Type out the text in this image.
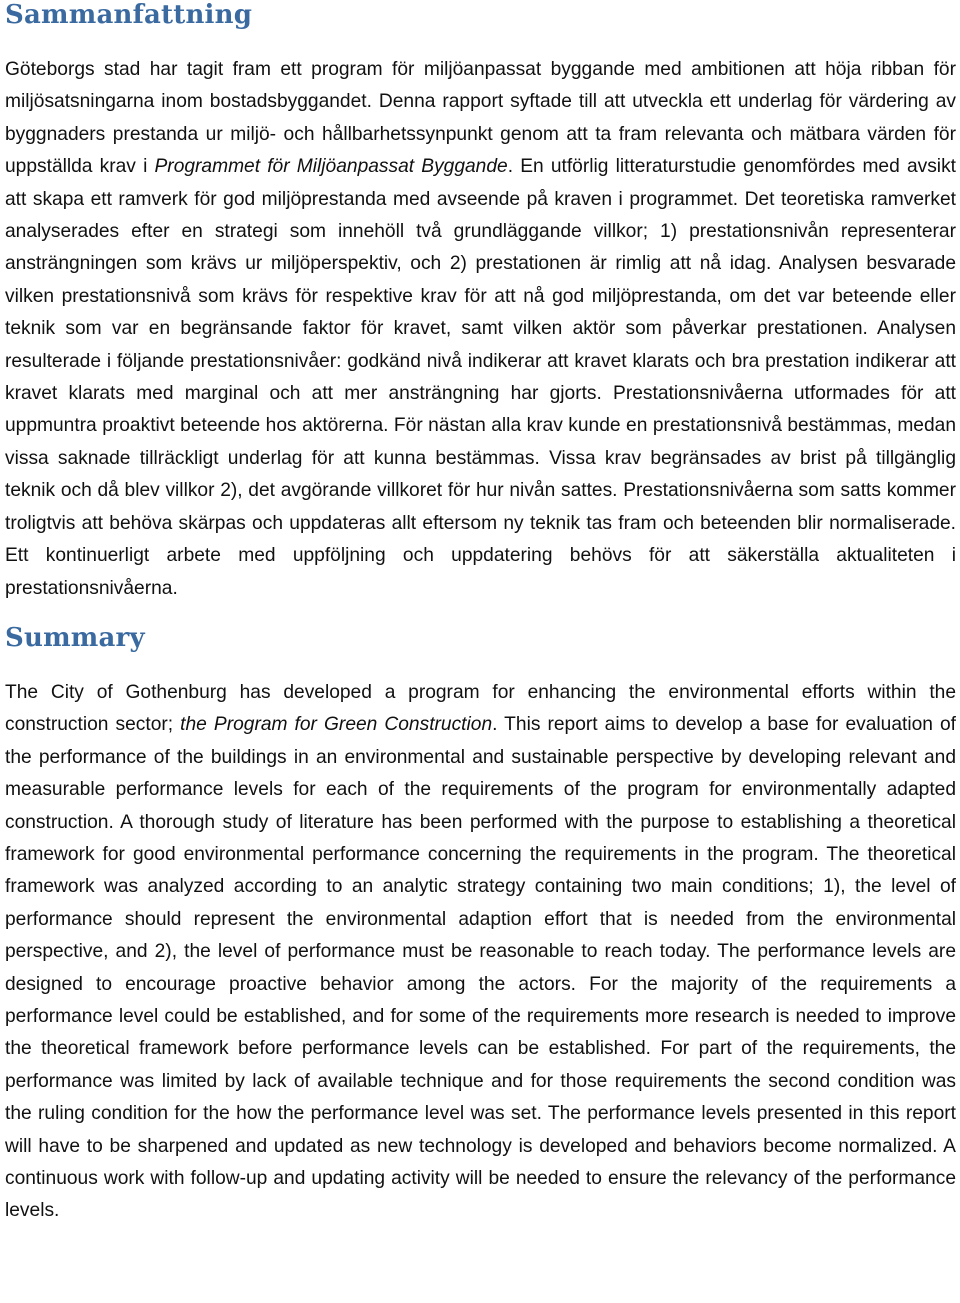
Sammanfattning

Göteborgs stad har tagit fram ett program för miljöanpassat byggande med ambitionen att höja ribban för miljösatsningarna inom bostadsbyggandet. Denna rapport syftade till att utveckla ett underlag för värdering av byggnaders prestanda ur miljö- och hållbarhetssynpunkt genom att ta fram relevanta och mätbara värden för uppställda krav i Programmet för Miljöanpassat Byggande. En utförlig litteraturstudie genomfördes med avsikt att skapa ett ramverk för god miljöprestanda med avseende på kraven i programmet. Det teoretiska ramverket analyserades efter en strategi som innehöll två grundläggande villkor; 1) prestationsnivån representerar ansträngningen som krävs ur miljöperspektiv, och 2) prestationen är rimlig att nå idag. Analysen besvarade vilken prestationsnivå som krävs för respektive krav för att nå god miljöprestanda, om det var beteende eller teknik som var en begränsande faktor för kravet, samt vilken aktör som påverkar prestationen. Analysen resulterade i följande prestationsnivåer: godkänd nivå indikerar att kravet klarats och bra prestation indikerar att kravet klarats med marginal och att mer ansträngning har gjorts. Prestationsnivåerna utformades för att uppmuntra proaktivt beteende hos aktörerna. För nästan alla krav kunde en prestationsnivå bestämmas, medan vissa saknade tillräckligt underlag för att kunna bestämmas. Vissa krav begränsades av brist på tillgänglig teknik och då blev villkor 2), det avgörande villkoret för hur nivån sattes. Prestationsnivåerna som satts kommer troligtvis att behöva skärpas och uppdateras allt eftersom ny teknik tas fram och beteenden blir normaliserade. Ett kontinuerligt arbete med uppföljning och uppdatering behövs för att säkerställa aktualiteten i prestationsnivåerna.

Summary

The City of Gothenburg has developed a program for enhancing the environmental efforts within the construction sector; the Program for Green Construction. This report aims to develop a base for evaluation of the performance of the buildings in an environmental and sustainable perspective by developing relevant and measurable performance levels for each of the requirements of the program for environmentally adapted construction. A thorough study of literature has been performed with the purpose to establishing a theoretical framework for good environmental performance concerning the requirements in the program. The theoretical framework was analyzed according to an analytic strategy containing two main conditions; 1), the level of performance should represent the environmental adaption effort that is needed from the environmental perspective, and 2), the level of performance must be reasonable to reach today. The performance levels are designed to encourage proactive behavior among the actors. For the majority of the requirements a performance level could be established, and for some of the requirements more research is needed to improve the theoretical framework before performance levels can be established. For part of the requirements, the performance was limited by lack of available technique and for those requirements the second condition was the ruling condition for the how the performance level was set. The performance levels presented in this report will have to be sharpened and updated as new technology is developed and behaviors become normalized. A continuous work with follow-up and updating activity will be needed to ensure the relevancy of the performance levels.
